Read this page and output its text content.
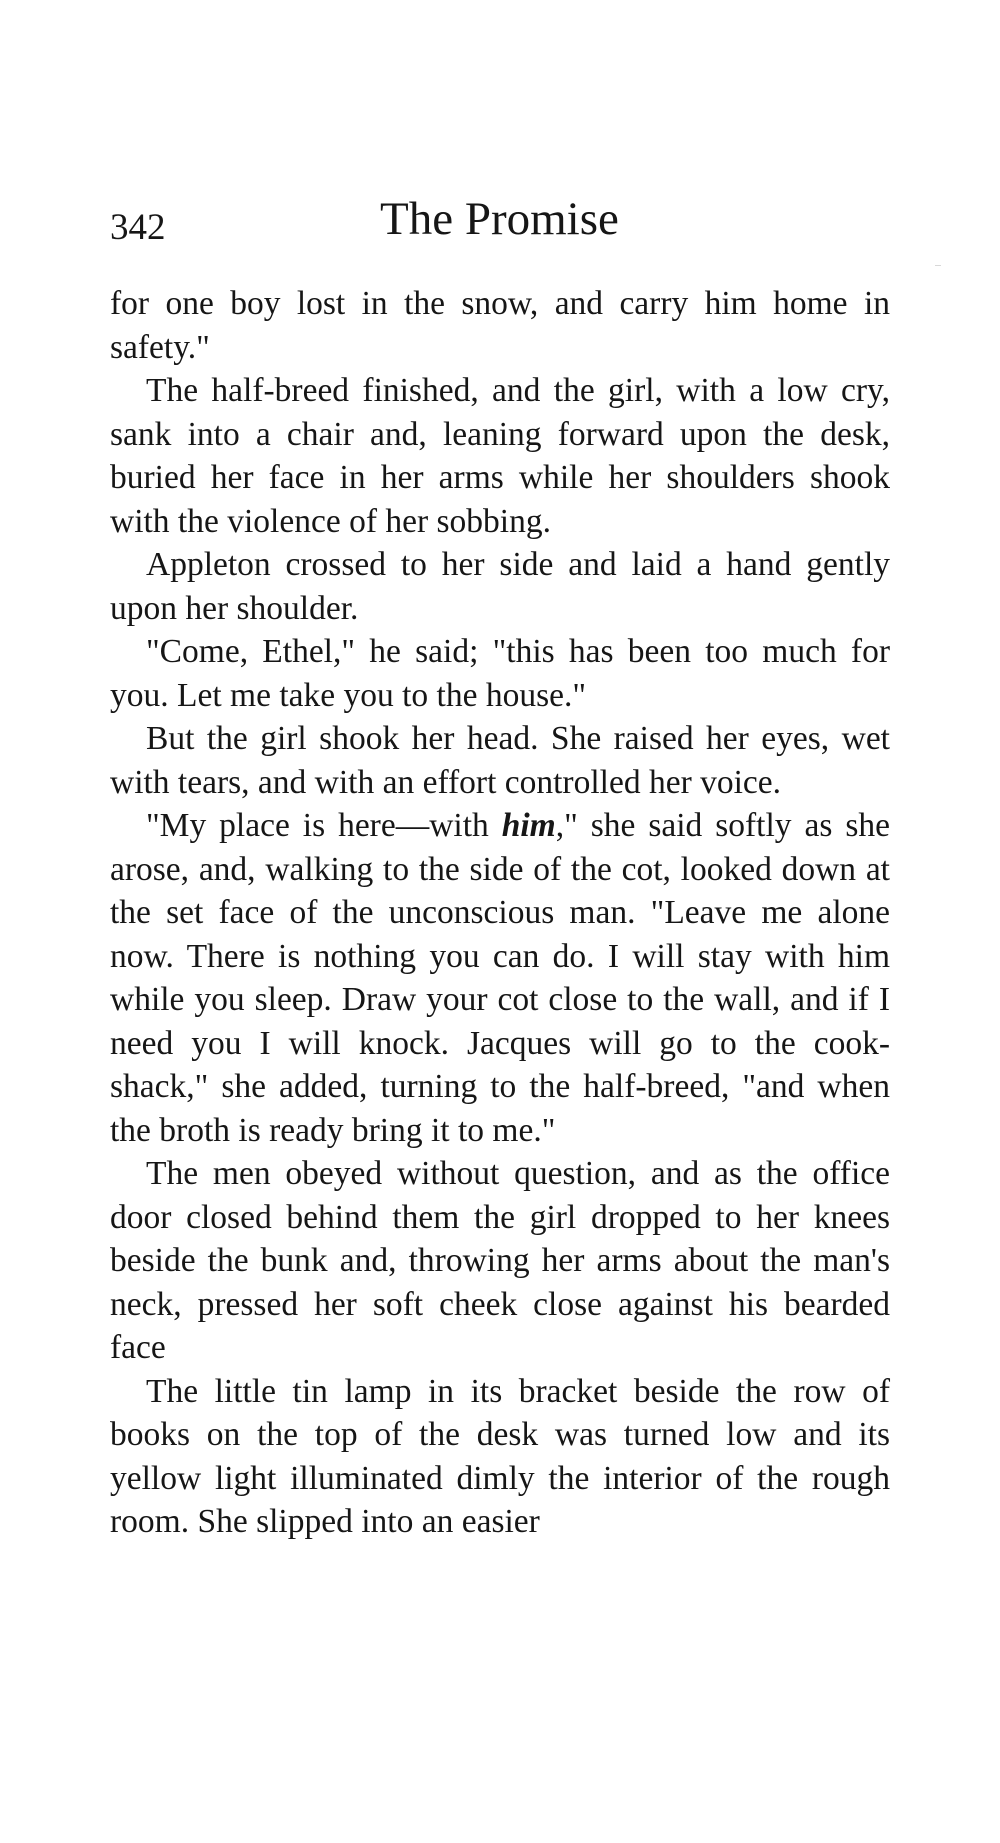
342	The Promise

for one boy lost in the snow, and carry him home in safety."

The half-breed finished, and the girl, with a low cry, sank into a chair and, leaning forward upon the desk, buried her face in her arms while her shoulders shook with the violence of her sobbing.

Appleton crossed to her side and laid a hand gently upon her shoulder.

"Come, Ethel," he said; "this has been too much for you. Let me take you to the house."

But the girl shook her head. She raised her eyes, wet with tears, and with an effort controlled her voice.

"My place is here—with him," she said softly as she arose, and, walking to the side of the cot, looked down at the set face of the unconscious man. "Leave me alone now. There is nothing you can do. I will stay with him while you sleep. Draw your cot close to the wall, and if I need you I will knock. Jacques will go to the cook-shack," she added, turning to the half-breed, "and when the broth is ready bring it to me."

The men obeyed without question, and as the office door closed behind them the girl dropped to her knees beside the bunk and, throwing her arms about the man's neck, pressed her soft cheek close against his bearded face

The little tin lamp in its bracket beside the row of books on the top of the desk was turned low and its yellow light illuminated dimly the interior of the rough room. She slipped into an easier
